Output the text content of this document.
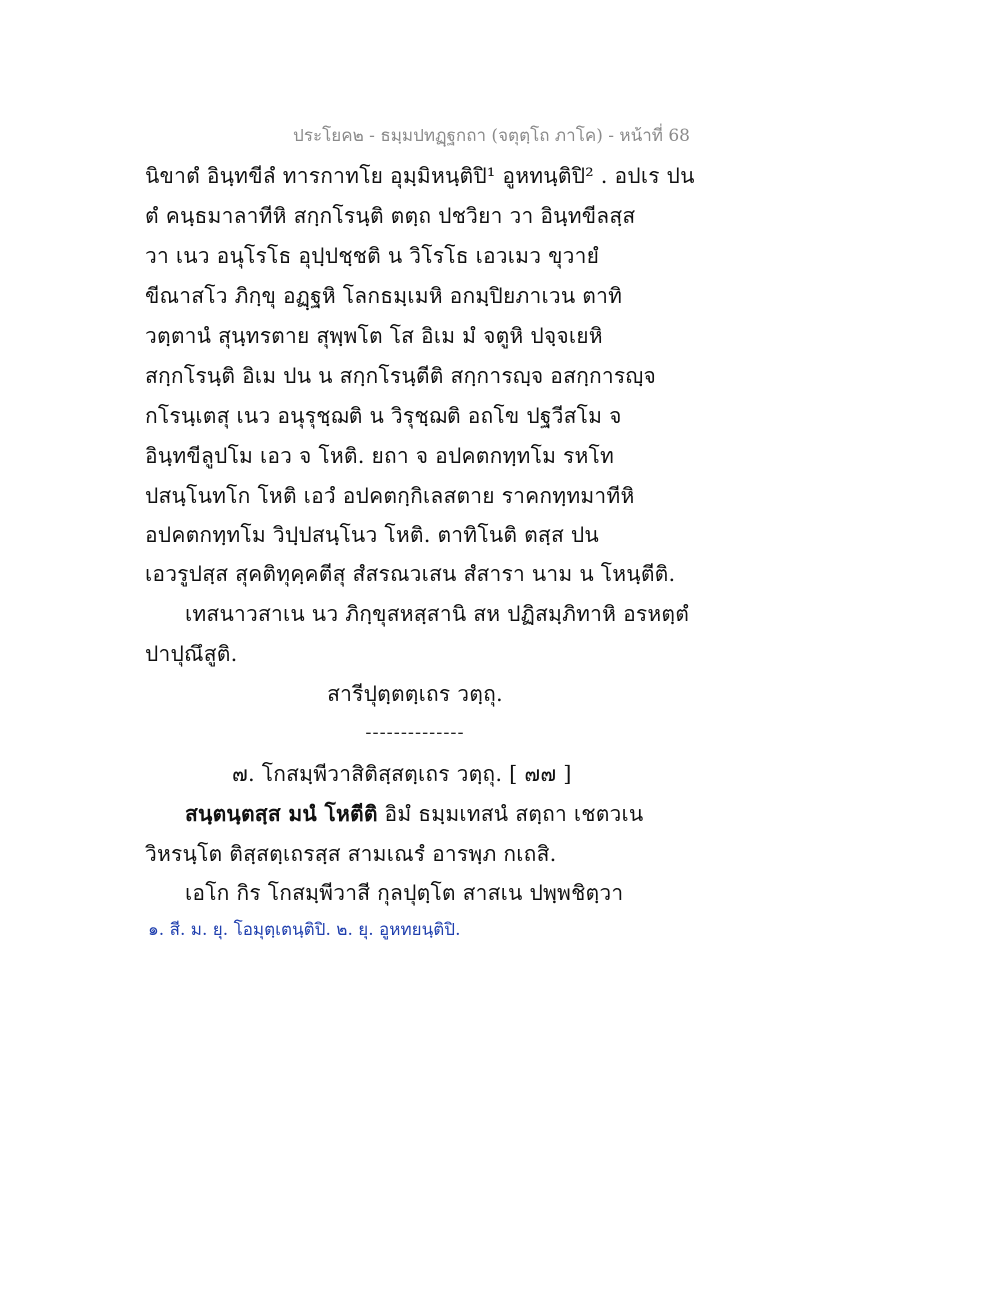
ประโยค๒ - ธมฺมปทฏฺฐกถา (จตุตฺโถ ภาโค) - หน้าที่ 68
นิขาตํ อินฺทขีลํ ทารกาทโย อุมฺมิหนฺติปิ¹ อูหทนฺติปิ² . อปเร ปน
ตํ คนฺธมาลาทีหิ สกฺกโรนฺติ ตตฺถ ปชวิยา วา อินฺทขีลสฺส
วา เนว อนุโรโธ อุปฺปชฺชติ น วิโรโธ เอวเมว ขุวายํ
ขีณาสโว ภิกฺขุ อฏฺฐหิ โลกธมฺเมหิ อกมฺปิยภาเวน ตาทิ
วตฺตานํ สุนฺทรตาย สุพฺพโต โส อิเม มํ จตูหิ ปจฺจเยหิ
สกฺกโรนฺติ อิเม ปน น สกฺกโรนฺตีติ สกฺการญฺจ อสกฺการญฺจ
กโรนฺเตสุ เนว อนุรุชฺฌติ น วิรุชฺฌติ อถโข ปฐวีสโม จ
อินฺทขีลูปโม เอว จ โหติ. ยถา จ อปคตกทฺทโม รหโท
ปสนฺโนทโก โหติ เอวํ อปคตกฺกิเลสตาย ราคกทฺทมาทีหิ
อปคตกทฺทโม วิปฺปสนฺโนว โหติ. ตาทิโนติ ตสฺส ปน
เอวรูปสฺส สุคติทุคฺคตีสุ สํสรณวเสน สํสารา นาม น โหนฺตีติ.
เทสนาวสาเน นว ภิกฺขุสหสฺสานิ สห ปฏิสมฺภิทาหิ อรหตฺตํ
ปาปุณึสูติ.
สารีปุตฺตตฺเถร วตฺถุ.
--------------
๗. โกสมฺพีวาสิติสฺสตฺเถร วตฺถุ. [ ๗๗ ]
สนฺตนฺตสฺส มนํ โหตีติ อิมํ ธมฺมเทสนํ สตฺถา เชตวเน
วิหรนฺโต ติสฺสตฺเถรสฺส สามเณรํ อารพฺภ กเถสิ.
เอโก กิร โกสมฺพีวาสี กุลปุตฺโต สาสเน ปพฺพชิตฺวา
๑. สี. ม. ยุ. โอมุตฺเตนฺติปิ. ๒. ยุ. อูหทยนฺติปิ.
